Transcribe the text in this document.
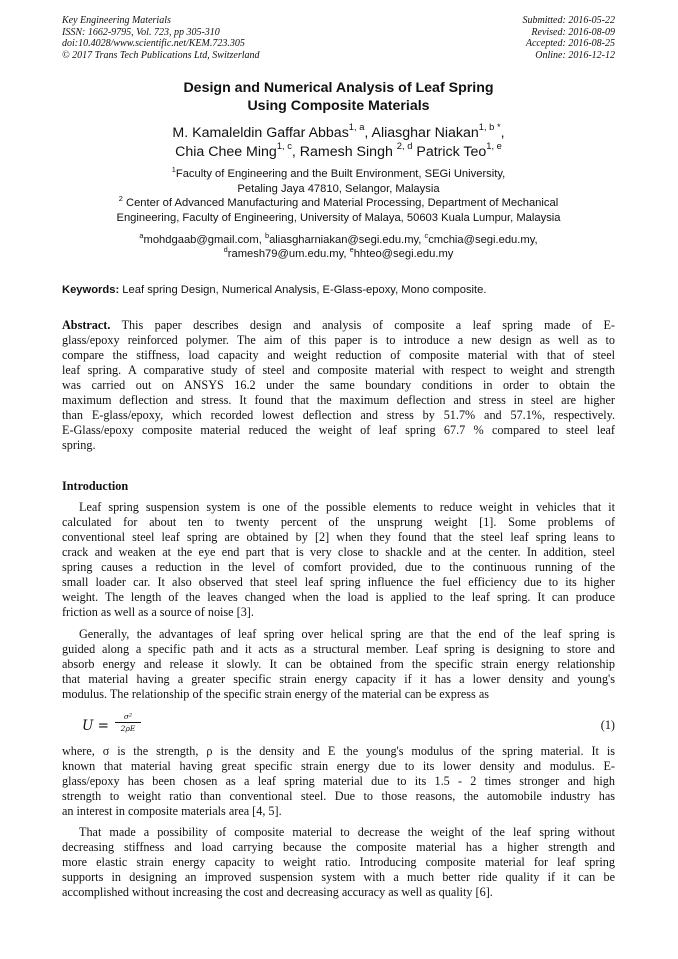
Key Engineering Materials
ISSN: 1662-9795, Vol. 723, pp 305-310
doi:10.4028/www.scientific.net/KEM.723.305
© 2017 Trans Tech Publications Ltd, Switzerland
Submitted: 2016-05-22
Revised: 2016-08-09
Accepted: 2016-08-25
Online: 2016-12-12
Design and Numerical Analysis of Leaf Spring
Using Composite Materials
M. Kamaleldin Gaffar Abbas$^{1, a}$, Aliasghar Niakan$^{1, b *}$,
Chia Chee Ming$^{1, c}$, Ramesh Singh $^{2, d}$ Patrick Teo$^{1, e}$
$^1$Faculty of Engineering and the Built Environment, SEGi University,
Petaling Jaya 47810, Selangor, Malaysia
$^2$ Center of Advanced Manufacturing and Material Processing, Department of Mechanical
Engineering, Faculty of Engineering, University of Malaya, 50603 Kuala Lumpur, Malaysia
$^a$mohdgaab@gmail.com, $^b$aliasgharniakan@segi.edu.my, $^c$cmchia@segi.edu.my,
$^d$ramesh79@um.edu.my, $^e$hhteo@segi.edu.my
Keywords: Leaf spring Design, Numerical Analysis, E-Glass-epoxy, Mono composite.
Abstract. This paper describes design and analysis of composite a leaf spring made of E-
glass/epoxy reinforced polymer. The aim of this paper is to introduce a new design as well as to
compare the stiffness, load capacity and weight reduction of composite material with that of steel
leaf spring. A comparative study of steel and composite material with respect to weight and strength
was carried out on ANSYS 16.2 under the same boundary conditions in order to obtain the
maximum deflection and stress. It found that the maximum deflection and stress in steel are higher
than E-glass/epoxy, which recorded lowest deflection and stress by 51.7% and 57.1%, respectively.
E-Glass/epoxy composite material reduced the weight of leaf spring 67.7 % compared to steel leaf
spring.
Introduction
Leaf spring suspension system is one of the possible elements to reduce weight in vehicles that it
calculated for about ten to twenty percent of the unsprung weight [1]. Some problems of
conventional steel leaf spring are obtained by [2] when they found that the steel leaf spring leans to
crack and weaken at the eye end part that is very close to shackle and at the center. In addition, steel
spring causes a reduction in the level of comfort provided, due to the continuous running of the
small loader car. It also observed that steel leaf spring influence the fuel efficiency due to its higher
weight. The length of the leaves changed when the load is applied to the leaf spring. It can produce
friction as well as a source of noise [3].
Generally, the advantages of leaf spring over helical spring are that the end of the leaf spring is
guided along a specific path and it acts as a structural member. Leaf spring is designing to store and
absorb energy and release it slowly. It can be obtained from the specific strain energy relationship
that material having a greater specific strain energy capacity if it has a lower density and young's
modulus. The relationship of the specific strain energy of the material can be express as
U =
σ²
2ρE	(1)
where, σ is the strength, ρ is the density and E the young's modulus of the spring material. It is
known that material having great specific strain energy due to its lower density and modulus. E-
glass/epoxy has been chosen as a leaf spring material due to its 1.5 - 2 times stronger and high
strength to weight ratio than conventional steel. Due to those reasons, the automobile industry has
an interest in composite materials area [4, 5].
That made a possibility of composite material to decrease the weight of the leaf spring without
decreasing stiffness and load carrying because the composite material has a higher strength and
more elastic strain energy capacity to weight ratio. Introducing composite material for leaf spring
supports in designing an improved suspension system with a much better ride quality if it can be
accomplished without increasing the cost and decreasing accuracy as well as quality [6].
